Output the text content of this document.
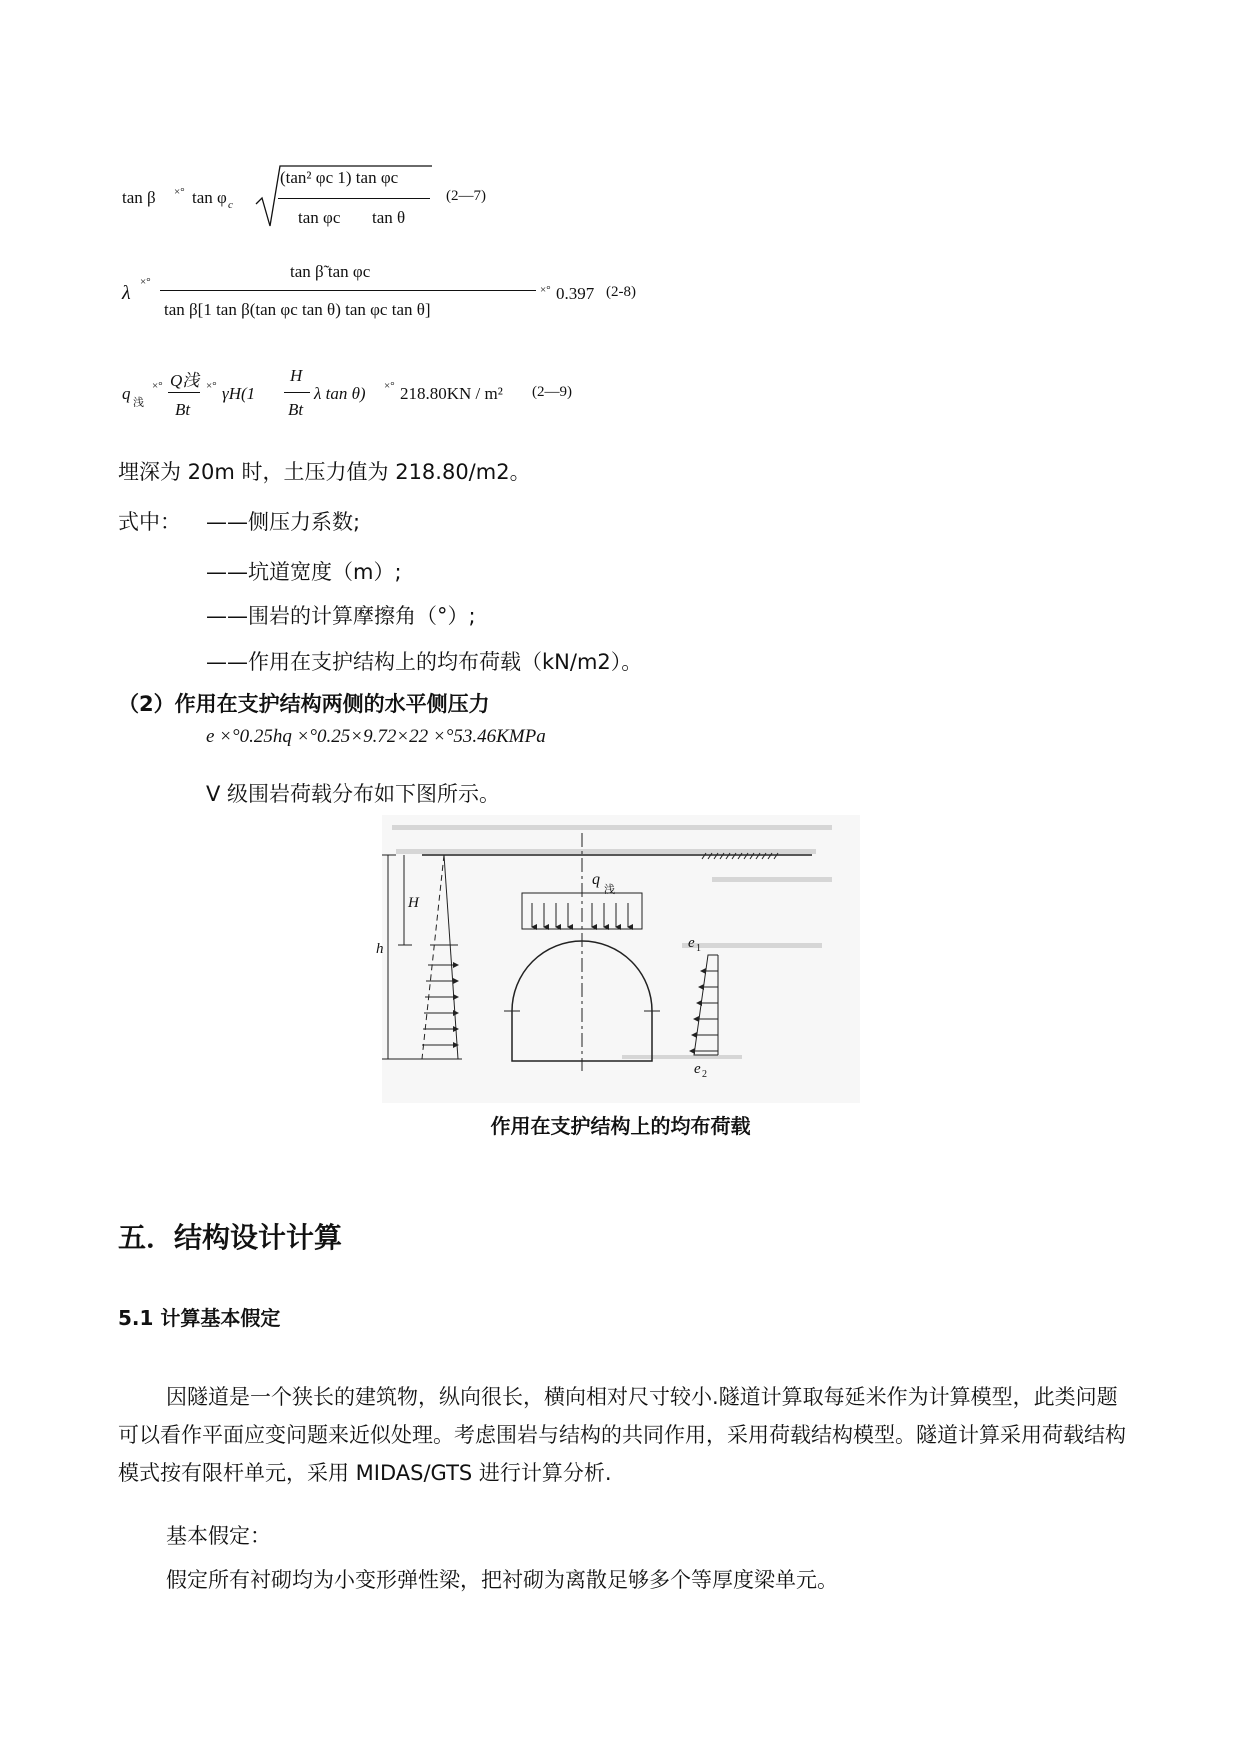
tan β ×° tan φ c
(tan² φc 1) tan φc
tan φc tan θ
(2—7)
λ ×°
tan β̃ tan φc
tan β[1 tan β(tan φc tan θ) tan φc tan θ]
×° 0.397 (2-8)
q 浅
×° Q浅
Bt
×° γH(1
H
Bt
λ tan θ) ×° 218.80KN / m² (2—9)
埋深为 20m 时，土压力值为 218.80/m2。
式中： ——侧压力系数;
——坑道宽度（m）;
——围岩的计算摩擦角（°）;
——作用在支护结构上的均布荷载（kN/m2）。
（2）作用在支护结构两侧的水平侧压力
e ×°0.25hq ×°0.25×9.72×22 ×°53.46KMPa
V 级围岩荷载分布如下图所示。
h
H
q
浅
e 1
e 2
作用在支护结构上的均布荷载
五．结构设计计算
5.1 计算基本假定
因隧道是一个狭长的建筑物，纵向很长，横向相对尺寸较小.隧道计算取每延米作为计算模型，此类问题可以看作平面应变问题来近似处理。考虑围岩与结构的共同作用，采用荷载结构模型。隧道计算采用荷载结构模式按有限杆单元，采用 MIDAS/GTS 进行计算分析.
基本假定：
假定所有衬砌均为小变形弹性梁，把衬砌为离散足够多个等厚度梁单元。
